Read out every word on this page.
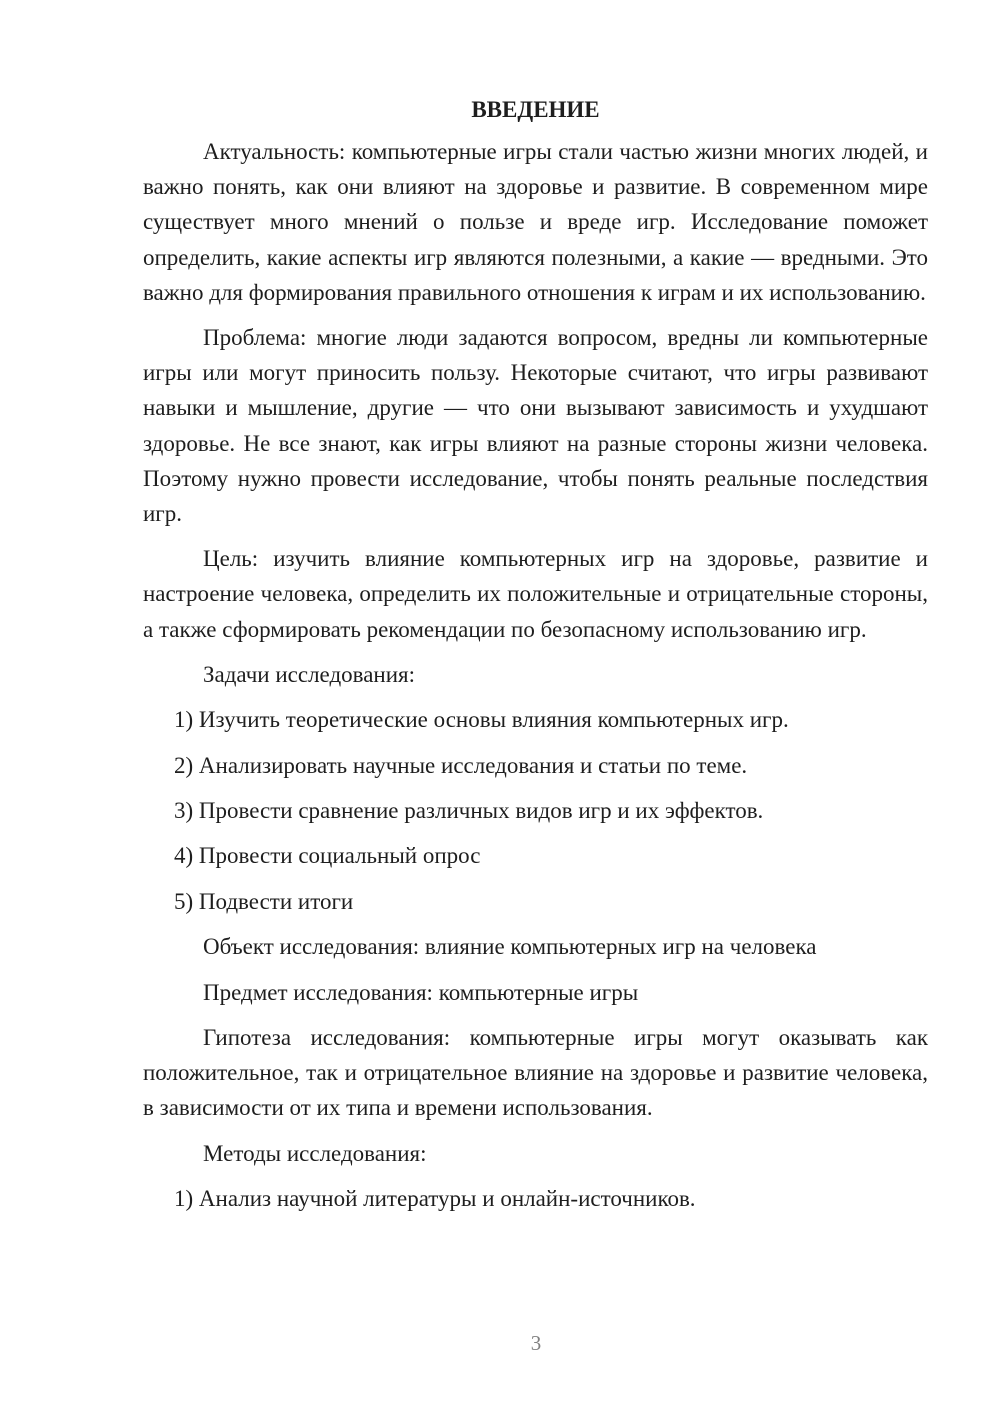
ВВЕДЕНИЕ

Актуальность: компьютерные игры стали частью жизни многих людей, и важно понять, как они влияют на здоровье и развитие. В современном мире существует много мнений о пользе и вреде игр. Исследование поможет определить, какие аспекты игр являются полезными, а какие — вредными. Это важно для формирования правильного отношения к играм и их использованию.

Проблема: многие люди задаются вопросом, вредны ли компьютерные игры или могут приносить пользу. Некоторые считают, что игры развивают навыки и мышление, другие — что они вызывают зависимость и ухудшают здоровье. Не все знают, как игры влияют на разные стороны жизни человека. Поэтому нужно провести исследование, чтобы понять реальные последствия игр.

Цель: изучить влияние компьютерных игр на здоровье, развитие и настроение человека, определить их положительные и отрицательные стороны, а также сформировать рекомендации по безопасному использованию игр.

Задачи исследования:

1) Изучить теоретические основы влияния компьютерных игр.

2) Анализировать научные исследования и статьи по теме.

3) Провести сравнение различных видов игр и их эффектов.

4) Провести социальный опрос

5) Подвести итоги

Объект исследования: влияние компьютерных игр на человека

Предмет исследования: компьютерные игры

Гипотеза исследования: компьютерные игры могут оказывать как положительное, так и отрицательное влияние на здоровье и развитие человека, в зависимости от их типа и времени использования.

Методы исследования:

1) Анализ научной литературы и онлайн-источников.

3
